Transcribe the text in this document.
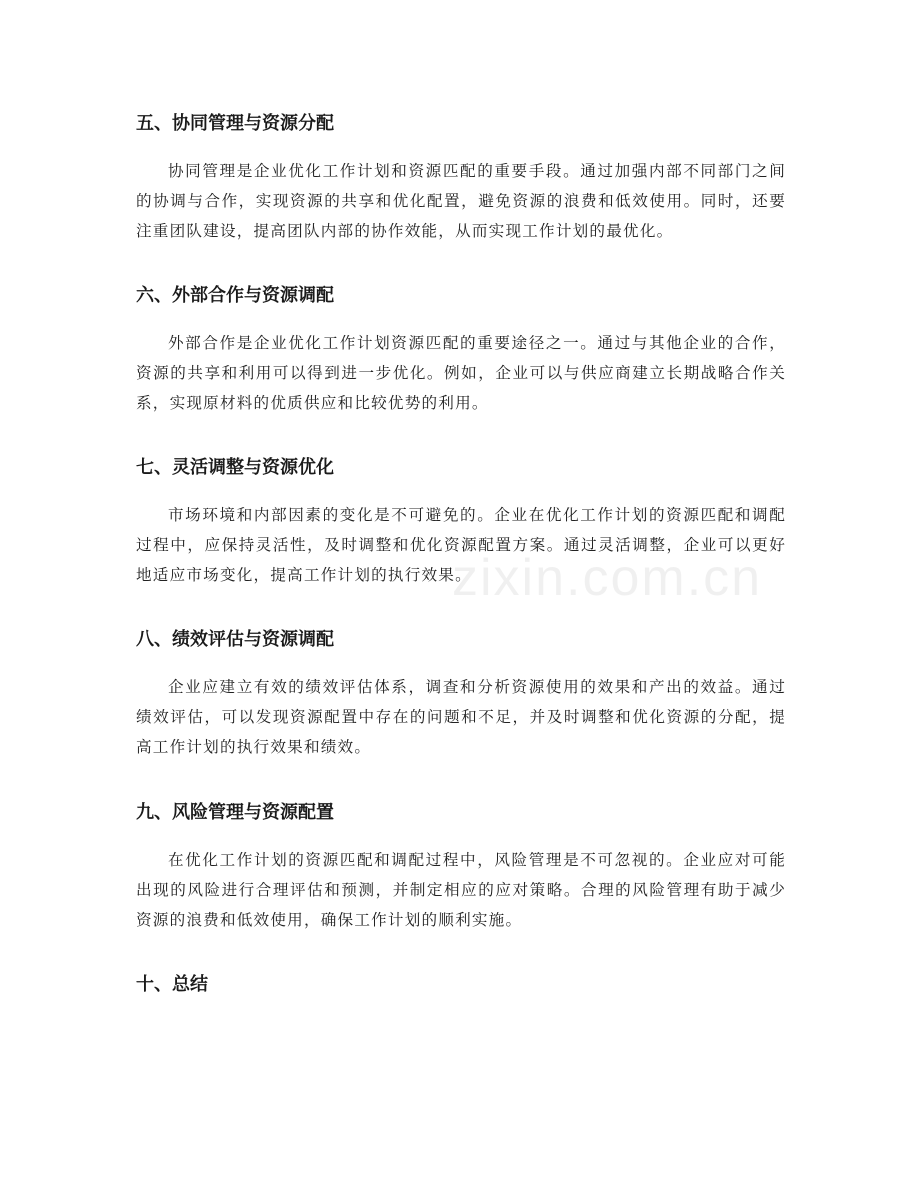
五、协同管理与资源分配

协同管理是企业优化工作计划和资源匹配的重要手段。通过加强内部不同部门之间的协调与合作，实现资源的共享和优化配置，避免资源的浪费和低效使用。同时，还要注重团队建设，提高团队内部的协作效能，从而实现工作计划的最优化。

六、外部合作与资源调配

外部合作是企业优化工作计划资源匹配的重要途径之一。通过与其他企业的合作，资源的共享和利用可以得到进一步优化。例如，企业可以与供应商建立长期战略合作关系，实现原材料的优质供应和比较优势的利用。

七、灵活调整与资源优化

市场环境和内部因素的变化是不可避免的。企业在优化工作计划的资源匹配和调配过程中，应保持灵活性，及时调整和优化资源配置方案。通过灵活调整，企业可以更好地适应市场变化，提高工作计划的执行效果。

八、绩效评估与资源调配

企业应建立有效的绩效评估体系，调查和分析资源使用的效果和产出的效益。通过绩效评估，可以发现资源配置中存在的问题和不足，并及时调整和优化资源的分配，提高工作计划的执行效果和绩效。

九、风险管理与资源配置

在优化工作计划的资源匹配和调配过程中，风险管理是不可忽视的。企业应对可能出现的风险进行合理评估和预测，并制定相应的应对策略。合理的风险管理有助于减少资源的浪费和低效使用，确保工作计划的顺利实施。

十、总结
zixin.com.cn
